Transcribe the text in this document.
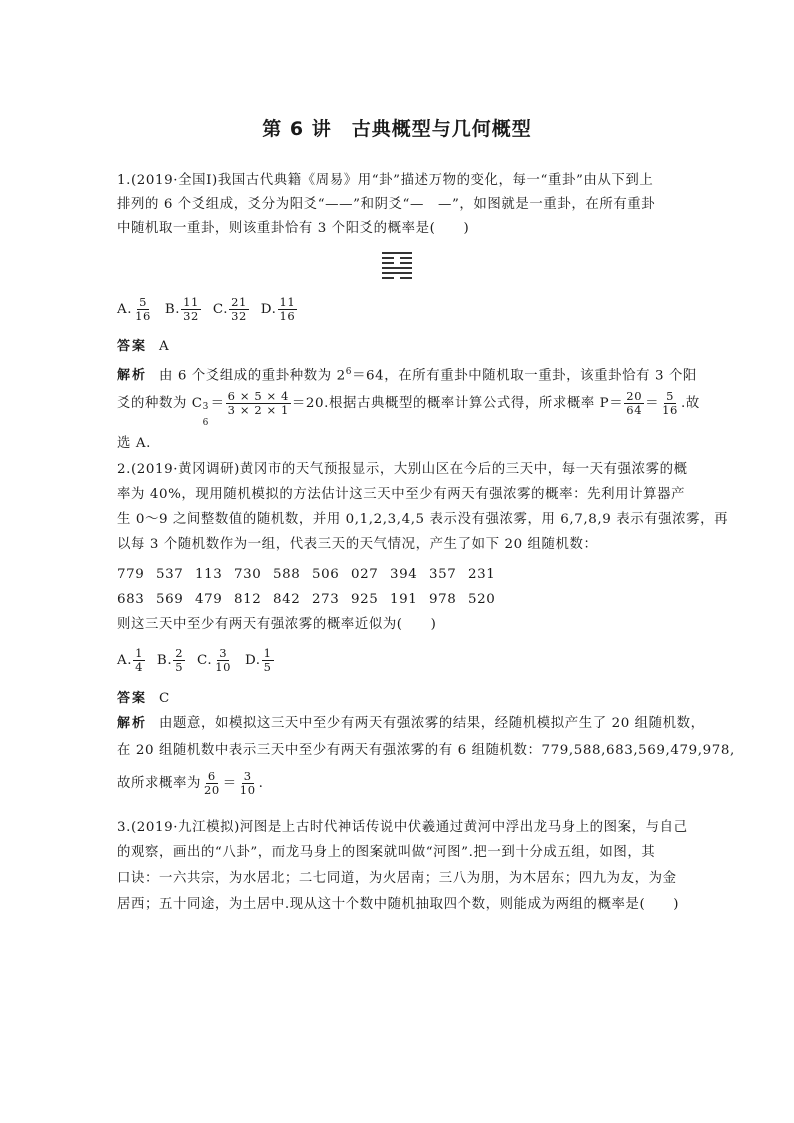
第 6 讲　古典概型与几何概型
1.(2019·全国Ⅰ)我国古代典籍《周易》用“卦”描述万物的变化，每一“重卦”由从下到上
排列的 6 个爻组成，爻分为阳爻“——”和阴爻“—　—”，如图就是一重卦，在所有重卦
中随机取一重卦，则该重卦恰有 3 个阳爻的概率是(　　)
A. $\frac{5}{16}$
B. $\frac{11}{32}$
C. $\frac{21}{32}$
D. $\frac{11}{16}$
答案 A
解析 由 6 个爻组成的重卦种数为 $2^6=64$，在所有重卦中随机取一重卦，该重卦恰有 3 个阳
爻的种数为 C 3
6
＝ $\frac{6 \times 5 \times 4}{3 \times 2 \times 1} =20$.根据古典概型的概率计算公式得，所求概率 $P= \frac{20}{64} = \frac{5}{16}$ .故
选 A.
2.(2019·黄冈调研)黄冈市的天气预报显示，大别山区在今后的三天中，每一天有强浓雾的概
率为 40%，现用随机模拟的方法估计这三天中至少有两天有强浓雾的概率：先利用计算器产
生 0～9 之间整数值的随机数，并用 0,1,2,3,4,5 表示没有强浓雾，用 6,7,8,9 表示有强浓雾，再
以每 3 个随机数作为一组，代表三天的天气情况，产生了如下 20 组随机数：
779 537 113 730 588 506 027 394 357 231
683 569 479 812 842 273 925 191 978 520
则这三天中至少有两天有强浓雾的概率近似为(　　)
A. $\frac{1}{4}$
B. $\frac{2}{5}$
C. $\frac{3}{10}$
D. $\frac{1}{5}$
答案 C
解析 由题意，如模拟这三天中至少有两天有强浓雾的结果，经随机模拟产生了 20 组随机数，
在 20 组随机数中表示三天中至少有两天有强浓雾的有 6 组随机数：779,588,683,569,479,978,
故所求概率为 $\frac{6}{20} = \frac{3}{10}$ .
3.(2019·九江模拟)河图是上古时代神话传说中伏羲通过黄河中浮出龙马身上的图案，与自己
的观察，画出的“八卦”，而龙马身上的图案就叫做“河图”.把一到十分成五组，如图，其
口诀：一六共宗，为水居北；二七同道，为火居南；三八为朋，为木居东；四九为友，为金
居西；五十同途，为土居中.现从这十个数中随机抽取四个数，则能成为两组的概率是(　　)
